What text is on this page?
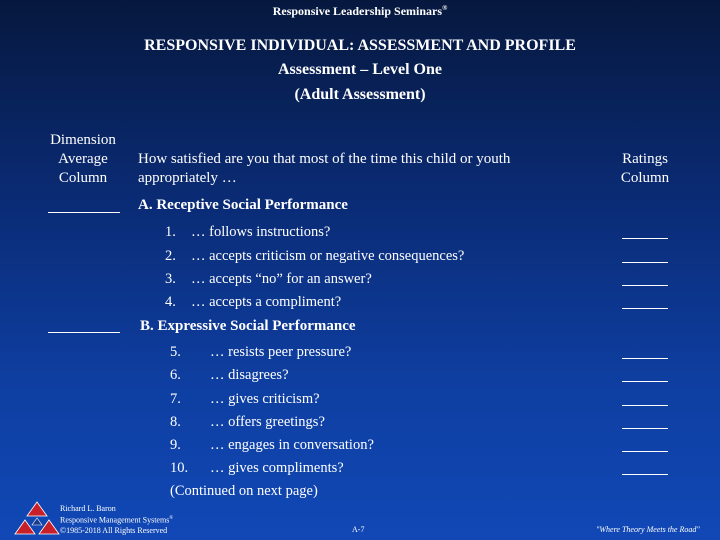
Responsive Leadership Seminars®
RESPONSIVE INDIVIDUAL: ASSESSMENT AND PROFILE
Assessment – Level One
(Adult Assessment)
Dimension
Average
Column
How satisfied are you that most of the time this child or youth
appropriately …
Ratings
Column
A. Receptive Social Performance
1. … follows instructions?
2. … accepts criticism or negative consequences?
3. … accepts “no” for an answer?
4. … accepts a compliment?
B. Expressive Social Performance
5. … resists peer pressure?
6. … disagrees?
7. … gives criticism?
8. … offers greetings?
9. … engages in conversation?
10. … gives compliments?
(Continued on next page)
Richard L. Baron
Responsive Management Systems®
©1985-2018 All Rights Reserved	A-7	"Where Theory Meets the Road"
